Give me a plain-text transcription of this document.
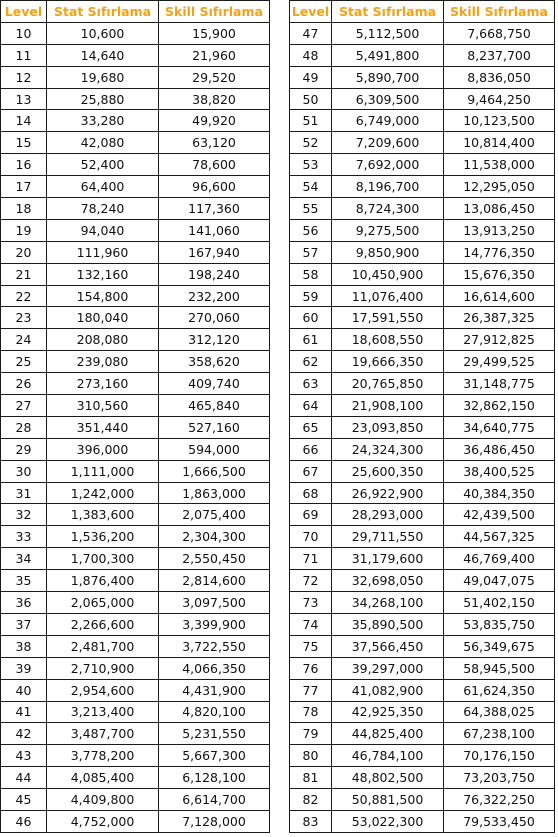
Level	Stat Sıfırlama	Skill Sıfırlama
10	10,600	15,900
11	14,640	21,960
12	19,680	29,520
13	25,880	38,820
14	33,280	49,920
15	42,080	63,120
16	52,400	78,600
17	64,400	96,600
18	78,240	117,360
19	94,040	141,060
20	111,960	167,940
21	132,160	198,240
22	154,800	232,200
23	180,040	270,060
24	208,080	312,120
25	239,080	358,620
26	273,160	409,740
27	310,560	465,840
28	351,440	527,160
29	396,000	594,000
30	1,111,000	1,666,500
31	1,242,000	1,863,000
32	1,383,600	2,075,400
33	1,536,200	2,304,300
34	1,700,300	2,550,450
35	1,876,400	2,814,600
36	2,065,000	3,097,500
37	2,266,600	3,399,900
38	2,481,700	3,722,550
39	2,710,900	4,066,350
40	2,954,600	4,431,900
41	3,213,400	4,820,100
42	3,487,700	5,231,550
43	3,778,200	5,667,300
44	4,085,400	6,128,100
45	4,409,800	6,614,700
46	4,752,000	7,128,000
Level	Stat Sıfırlama	Skill Sıfırlama
47	5,112,500	7,668,750
48	5,491,800	8,237,700
49	5,890,700	8,836,050
50	6,309,500	9,464,250
51	6,749,000	10,123,500
52	7,209,600	10,814,400
53	7,692,000	11,538,000
54	8,196,700	12,295,050
55	8,724,300	13,086,450
56	9,275,500	13,913,250
57	9,850,900	14,776,350
58	10,450,900	15,676,350
59	11,076,400	16,614,600
60	17,591,550	26,387,325
61	18,608,550	27,912,825
62	19,666,350	29,499,525
63	20,765,850	31,148,775
64	21,908,100	32,862,150
65	23,093,850	34,640,775
66	24,324,300	36,486,450
67	25,600,350	38,400,525
68	26,922,900	40,384,350
69	28,293,000	42,439,500
70	29,711,550	44,567,325
71	31,179,600	46,769,400
72	32,698,050	49,047,075
73	34,268,100	51,402,150
74	35,890,500	53,835,750
75	37,566,450	56,349,675
76	39,297,000	58,945,500
77	41,082,900	61,624,350
78	42,925,350	64,388,025
79	44,825,400	67,238,100
80	46,784,100	70,176,150
81	48,802,500	73,203,750
82	50,881,500	76,322,250
83	53,022,300	79,533,450
